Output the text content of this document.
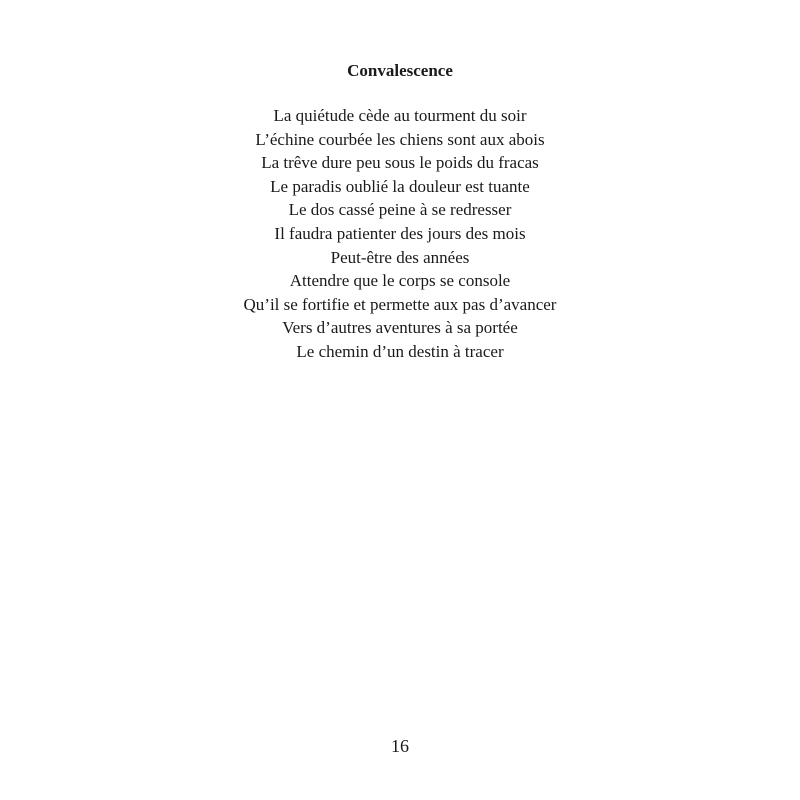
Convalescence
La quiétude cède au tourment du soir
L’échine courbée les chiens sont aux abois
La trêve dure peu sous le poids du fracas
Le paradis oublié la douleur est tuante
Le dos cassé peine à se redresser
Il faudra patienter des jours des mois
Peut-être des années
Attendre que le corps se console
Qu’il se fortifie et permette aux pas d’avancer
Vers d’autres aventures à sa portée
Le chemin d’un destin à tracer
16
